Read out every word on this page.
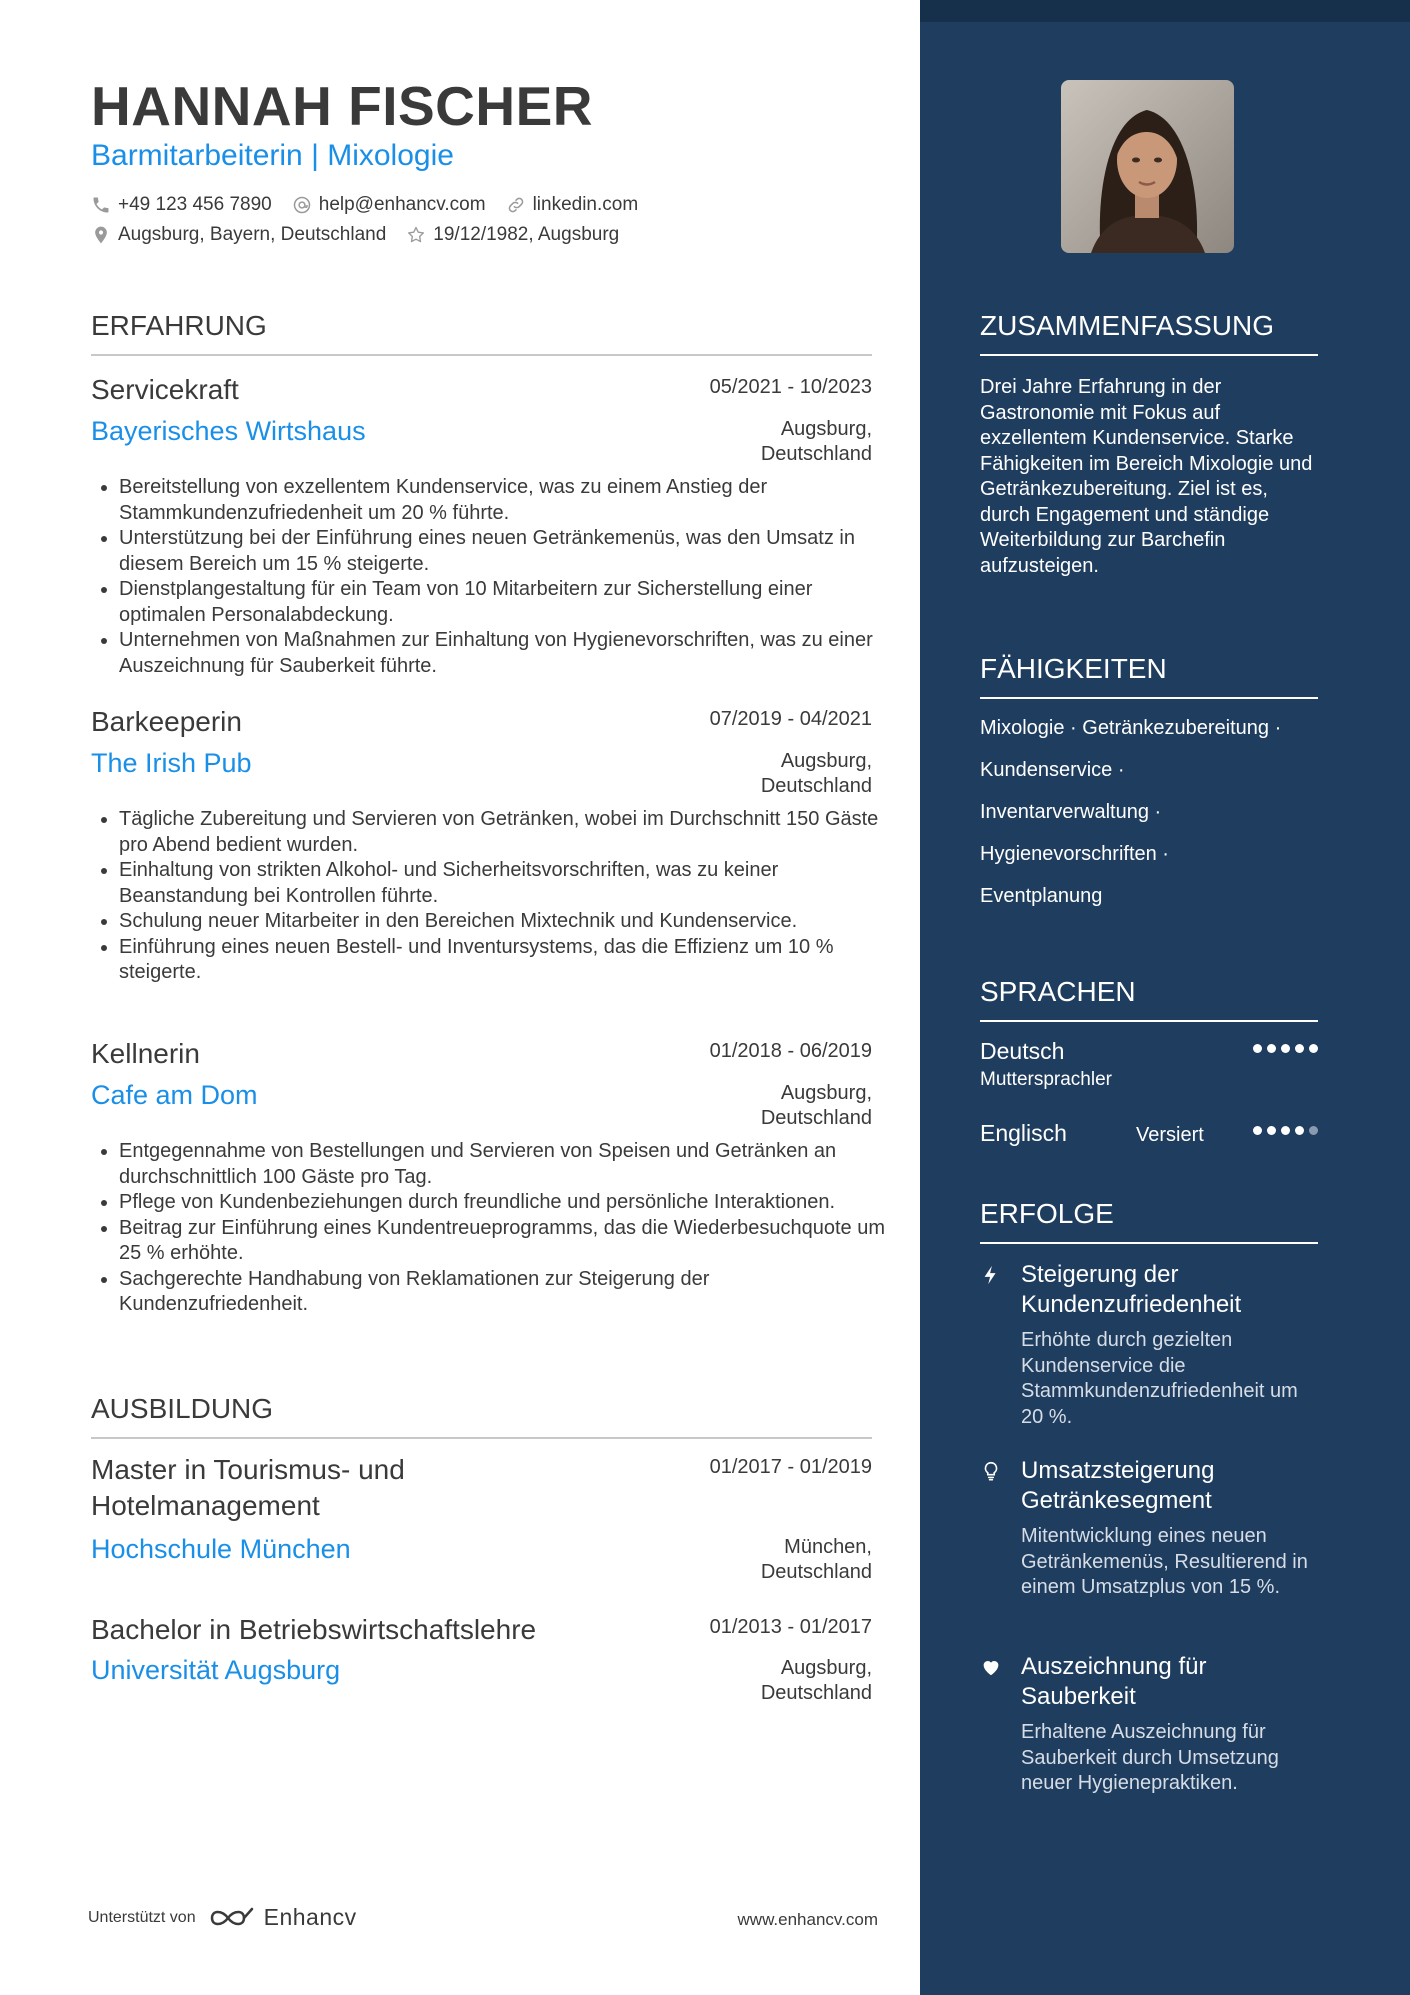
HANNAH FISCHER
Barmitarbeiterin | Mixologie
+49 123 456 7890 help@enhancv.com linkedin.com
Augsburg, Bayern, Deutschland 19/12/1982, Augsburg
ERFAHRUNG
Servicekraft	05/2021 - 10/2023
Bayerisches Wirtshaus	Augsburg,
Deutschland
• Bereitstellung von exzellentem Kundenservice, was zu einem Anstieg der Stammkundenzufriedenheit um 20 % führte.
• Unterstützung bei der Einführung eines neuen Getränkemenüs, was den Umsatz in diesem Bereich um 15 % steigerte.
• Dienstplangestaltung für ein Team von 10 Mitarbeitern zur Sicherstellung einer optimalen Personalabdeckung.
• Unternehmen von Maßnahmen zur Einhaltung von Hygienevorschriften, was zu einer Auszeichnung für Sauberkeit führte.
Barkeeperin	07/2019 - 04/2021
The Irish Pub	Augsburg,
Deutschland
• Tägliche Zubereitung und Servieren von Getränken, wobei im Durchschnitt 150 Gäste pro Abend bedient wurden.
• Einhaltung von strikten Alkohol- und Sicherheitsvorschriften, was zu keiner Beanstandung bei Kontrollen führte.
• Schulung neuer Mitarbeiter in den Bereichen Mixtechnik und Kundenservice.
• Einführung eines neuen Bestell- und Inventursystems, das die Effizienz um 10 % steigerte.
Kellnerin	01/2018 - 06/2019
Cafe am Dom	Augsburg,
Deutschland
• Entgegennahme von Bestellungen und Servieren von Speisen und Getränken an durchschnittlich 100 Gäste pro Tag.
• Pflege von Kundenbeziehungen durch freundliche und persönliche Interaktionen.
• Beitrag zur Einführung eines Kundentreueprogramms, das die Wiederbesuchquote um 25 % erhöhte.
• Sachgerechte Handhabung von Reklamationen zur Steigerung der Kundenzufriedenheit.
AUSBILDUNG
Master in Tourismus- und
Hotelmanagement
01/2017 - 01/2019
Hochschule München	München,
Deutschland
Bachelor in Betriebswirtschaftslehre	01/2013 - 01/2017
Universität Augsburg	Augsburg,
Deutschland
ZUSAMMENFASSUNG
Drei Jahre Erfahrung in der Gastronomie mit Fokus auf exzellentem Kundenservice. Starke Fähigkeiten im Bereich Mixologie und Getränkezubereitung. Ziel ist es, durch Engagement und ständige Weiterbildung zur Barchefin aufzusteigen.
FÄHIGKEITEN
Mixologie · Getränkezubereitung ·
Kundenservice ·
Inventarverwaltung ·
Hygienevorschriften ·
Eventplanung
SPRACHEN
Deutsch
Muttersprachler
Englisch	Versiert
ERFOLGE
Steigerung der Kundenzufriedenheit
Erhöhte durch gezielten Kundenservice die Stammkundenzufriedenheit um 20 %.
Umsatzsteigerung Getränkesegment
Mitentwicklung eines neuen Getränkemenüs, Resultierend in einem Umsatzplus von 15 %.
Auszeichnung für Sauberkeit
Erhaltene Auszeichnung für Sauberkeit durch Umsetzung neuer Hygienepraktiken.
Unterstützt von	Enhancv	www.enhancv.com
